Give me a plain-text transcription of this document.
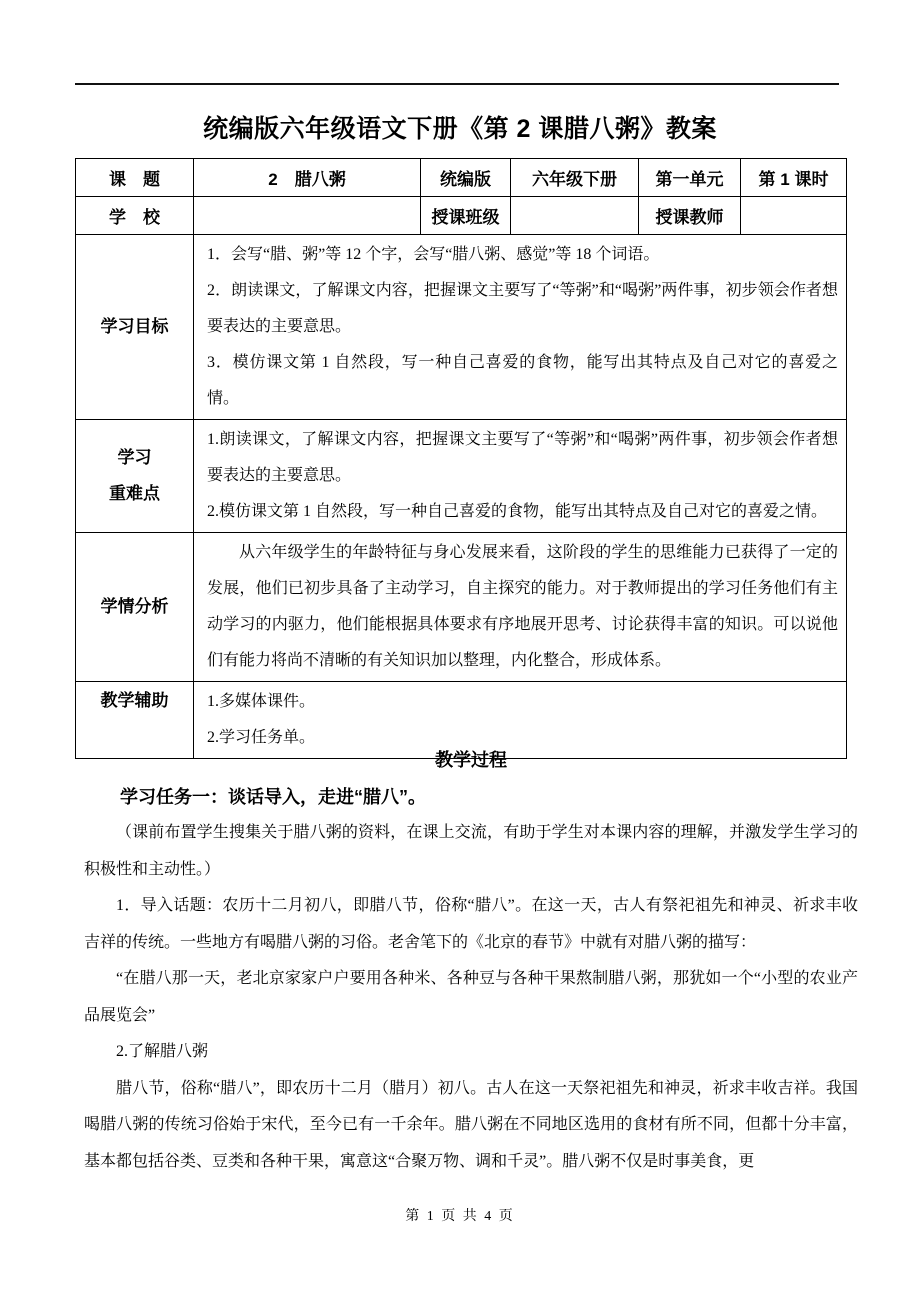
统编版六年级语文下册《第 2 课腊八粥》教案
课　题	2　腊八粥	统编版	六年级下册	第一单元	第 1 课时
学　校		授课班级		授课教师	
学习目标	1．会写“腊、粥”等 12 个字，会写“腊八粥、感觉”等 18 个词语。

2．朗读课文，了解课文内容，把握课文主要写了“等粥”和“喝粥”两件事，初步领会作者想要表达的主要意思。

3．模仿课文第 1 自然段，写一种自己喜爱的食物，能写出其特点及自己对它的喜爱之情。				

学习
重难点	

1.朗读课文，了解课文内容，把握课文主要写了“等粥”和“喝粥”两件事，初步领会作者想要表达的主要意思。

2.模仿课文第 1 自然段，写一种自己喜爱的食物，能写出其特点及自己对它的喜爱之情。

学情分析	从六年级学生的年龄特征与身心发展来看，这阶段的学生的思维能力已获得了一定的发展，他们已初步具备了主动学习，自主探究的能力。对于教师提出的学习任务他们有主动学习的内驱力，他们能根据具体要求有序地展开思考、讨论获得丰富的知识。可以说他们有能力将尚不清晰的有关知识加以整理，内化整合，形成体系。				

教学辅助	1.多媒体课件。

2.学习任务单。				

教学过程

学习任务一：谈话导入，走进“腊八”。

（课前布置学生搜集关于腊八粥的资料，在课上交流，有助于学生对本课内容的理解，并激发学生学习的积极性和主动性。）

1．导入话题：农历十二月初八，即腊八节，俗称“腊八”。在这一天，古人有祭祀祖先和神灵、祈求丰收吉祥的传统。一些地方有喝腊八粥的习俗。老舍笔下的《北京的春节》中就有对腊八粥的描写：

“在腊八那一天，老北京家家户户要用各种米、各种豆与各种干果熬制腊八粥，那犹如一个“小型的农业产品展览会”

2.了解腊八粥

腊八节，俗称“腊八”，即农历十二月（腊月）初八。古人在这一天祭祀祖先和神灵，祈求丰收吉祥。我国喝腊八粥的传统习俗始于宋代，至今已有一千余年。腊八粥在不同地区选用的食材有所不同，但都十分丰富，基本都包括谷类、豆类和各种干果，寓意这“合聚万物、调和千灵”。腊八粥不仅是时事美食，更

第 1 页 共 4 页
